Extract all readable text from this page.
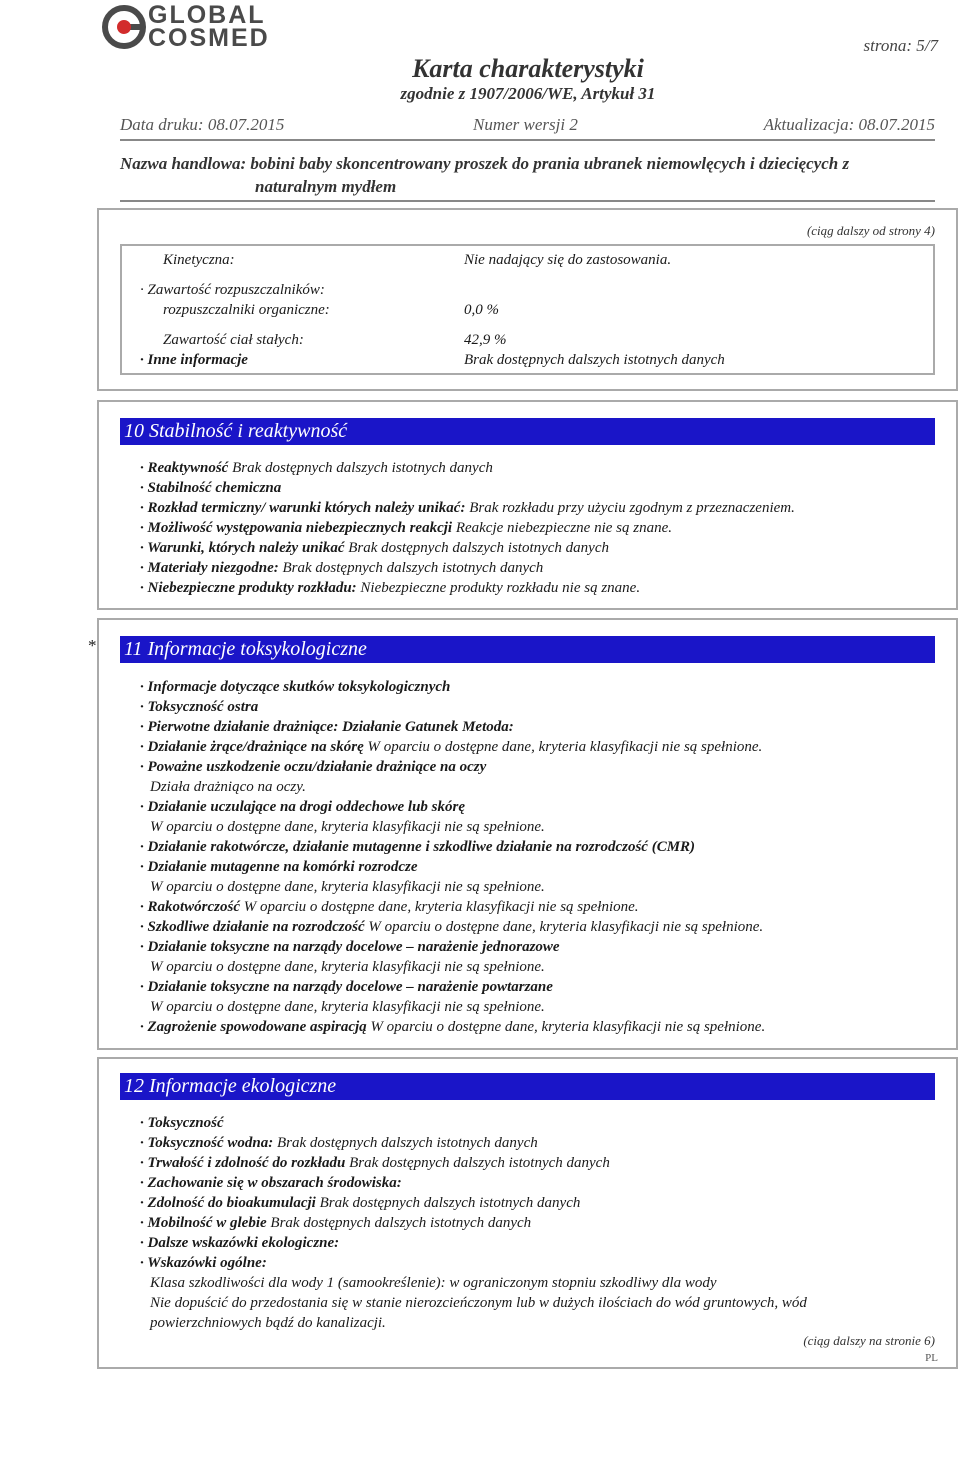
GLOBAL
COSMED	strona: 5/7
Karta charakterystyki
zgodnie z 1907/2006/WE, Artykuł 31
Data druku: 08.07.2015	Numer wersji 2	Aktualizacja: 08.07.2015
Nazwa handlowa: bobini baby skoncentrowany proszek do prania ubranek niemowlęcych i dziecięcych z
naturalnym mydłem
(ciąg dalszy od strony 4)
Kinetyczna:	Nie nadający się do zastosowania.
· Zawartość rozpuszczalników:
rozpuszczalniki organiczne:	0,0 %
Zawartość ciał stałych:	42,9 %
· Inne informacje	Brak dostępnych dalszych istotnych danych
10 Stabilność i reaktywność
· Reaktywność Brak dostępnych dalszych istotnych danych
· Stabilność chemiczna
· Rozkład termiczny/ warunki których należy unikać: Brak rozkładu przy użyciu zgodnym z przeznaczeniem.
· Możliwość występowania niebezpiecznych reakcji Reakcje niebezpieczne nie są znane.
· Warunki, których należy unikać Brak dostępnych dalszych istotnych danych
· Materiały niezgodne: Brak dostępnych dalszych istotnych danych
· Niebezpieczne produkty rozkładu: Niebezpieczne produkty rozkładu nie są znane.
* 11 Informacje toksykologiczne
· Informacje dotyczące skutków toksykologicznych
· Toksyczność ostra
· Pierwotne działanie drażniące: Działanie Gatunek Metoda:
· Działanie żrące/drażniące na skórę W oparciu o dostępne dane, kryteria klasyfikacji nie są spełnione.
· Poważne uszkodzenie oczu/działanie drażniące na oczy
Działa drażniąco na oczy.
· Działanie uczulające na drogi oddechowe lub skórę
W oparciu o dostępne dane, kryteria klasyfikacji nie są spełnione.
· Działanie rakotwórcze, działanie mutagenne i szkodliwe działanie na rozrodczość (CMR)
· Działanie mutagenne na komórki rozrodcze
W oparciu o dostępne dane, kryteria klasyfikacji nie są spełnione.
· Rakotwórczość W oparciu o dostępne dane, kryteria klasyfikacji nie są spełnione.
· Szkodliwe działanie na rozrodczość W oparciu o dostępne dane, kryteria klasyfikacji nie są spełnione.
· Działanie toksyczne na narządy docelowe – narażenie jednorazowe
W oparciu o dostępne dane, kryteria klasyfikacji nie są spełnione.
· Działanie toksyczne na narządy docelowe – narażenie powtarzane
W oparciu o dostępne dane, kryteria klasyfikacji nie są spełnione.
· Zagrożenie spowodowane aspiracją W oparciu o dostępne dane, kryteria klasyfikacji nie są spełnione.
12 Informacje ekologiczne
· Toksyczność
· Toksyczność wodna: Brak dostępnych dalszych istotnych danych
· Trwałość i zdolność do rozkładu Brak dostępnych dalszych istotnych danych
· Zachowanie się w obszarach środowiska:
· Zdolność do bioakumulacji Brak dostępnych dalszych istotnych danych
· Mobilność w glebie Brak dostępnych dalszych istotnych danych
· Dalsze wskazówki ekologiczne:
· Wskazówki ogólne:
Klasa szkodliwości dla wody 1 (samookreślenie): w ograniczonym stopniu szkodliwy dla wody
Nie dopuścić do przedostania się w stanie nierozcieńczonym lub w dużych ilościach do wód gruntowych, wód
powierzchniowych bądź do kanalizacji.
(ciąg dalszy na stronie 6)
PL
